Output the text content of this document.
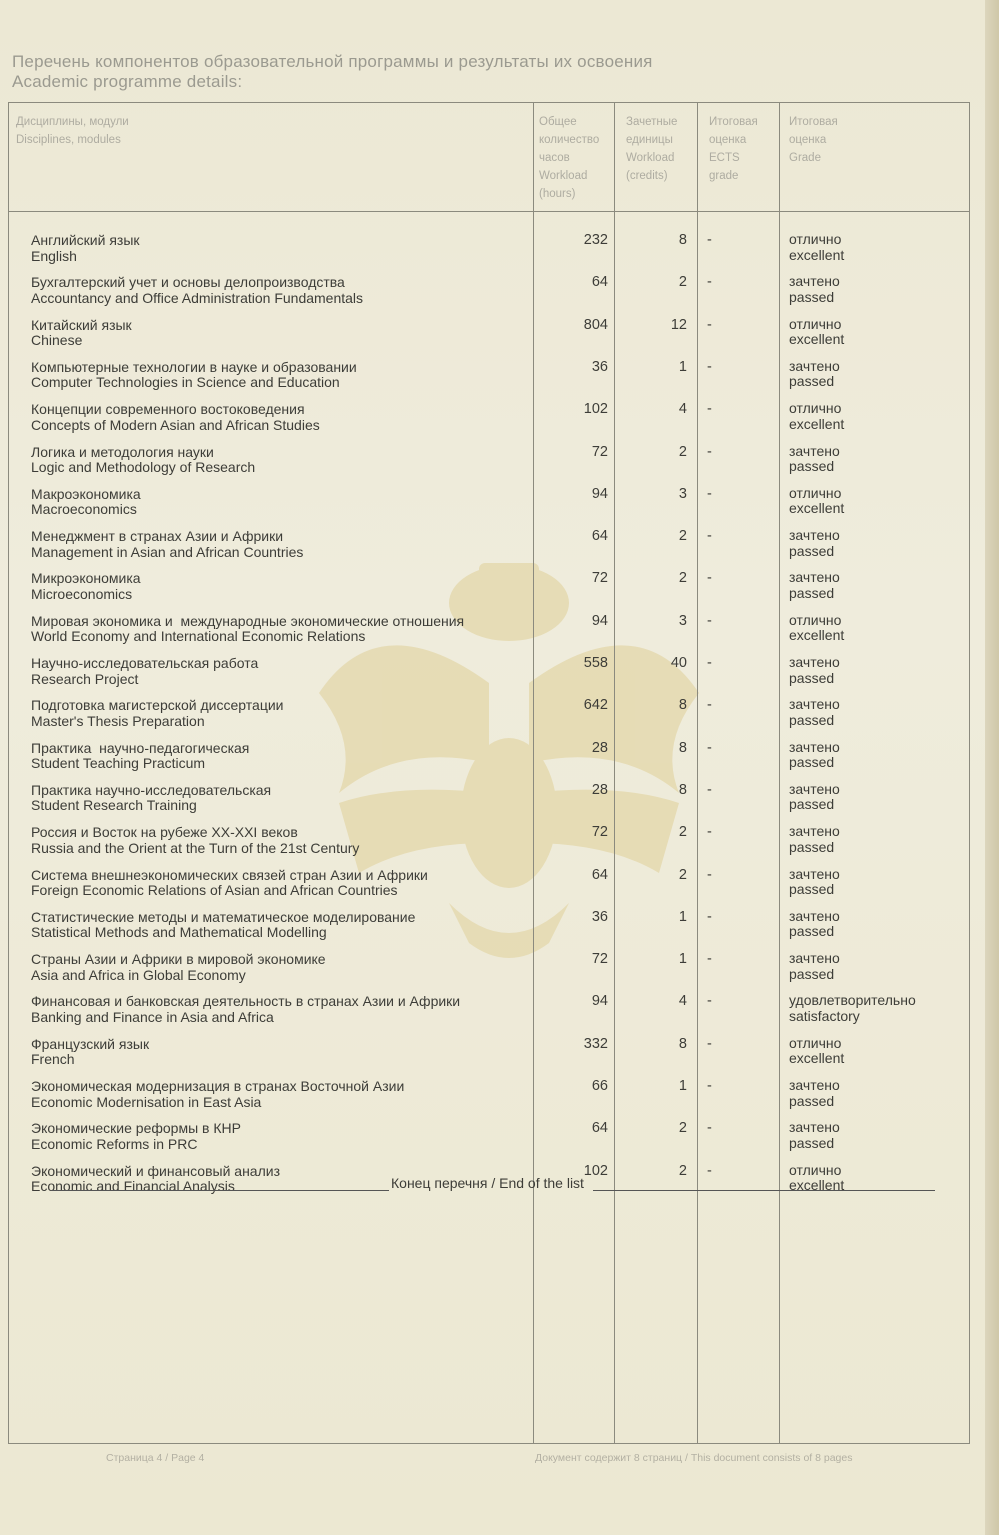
Перечень компонентов образовательной программы и результаты их освоения
Academic programme details:
Дисциплины, модули
Disciplines, modules
Общее
количество
часов
Workload
(hours)
Зачетные
единицы
Workload
(credits)
Итоговая
оценка
ECTS
grade
Итоговая
оценка
Grade
Английский язык
English
232	8 -	отлично
excellent
Бухгалтерский учет и основы делопроизводства
Accountancy and Office Administration Fundamentals
64	2 -	зачтено
passed
Китайский язык
Chinese
804	12 -	отлично
excellent
Компьютерные технологии в науке и образовании
Computer Technologies in Science and Education
36	1 -	зачтено
passed
Концепции современного востоковедения
Concepts of Modern Asian and African Studies
102	4 -	отлично
excellent
Логика и методология науки
Logic and Methodology of Research
72	2 -	зачтено
passed
Макроэкономика
Macroeconomics
94	3 -	отлично
excellent
Менеджмент в странах Азии и Африки
Management in Asian and African Countries
64	2 -	зачтено
passed
Микроэкономика
Microeconomics
72	2 -	зачтено
passed
Мировая экономика и  международные экономические отношения
World Economy and International Economic Relations
94	3 -	отлично
excellent
Научно-исследовательская работа
Research Project
558	40 -	зачтено
passed
Подготовка магистерской диссертации
Master's Thesis Preparation
642	8 -	зачтено
passed
Практика  научно-педагогическая
Student Teaching Practicum
28	8 -	зачтено
passed
Практика научно-исследовательская
Student Research Training
28	8 -	зачтено
passed
Россия и Восток на рубеже XX-XXI веков
Russia and the Orient at the Turn of the 21st Century
72	2 -	зачтено
passed
Система внешнеэкономических связей стран Азии и Африки
Foreign Economic Relations of Asian and African Countries
64	2 -	зачтено
passed
Статистические методы и математическое моделирование
Statistical Methods and Mathematical Modelling
36	1 -	зачтено
passed
Страны Азии и Африки в мировой экономике
Asia and Africa in Global Economy
72	1 -	зачтено
passed
Финансовая и банковская деятельность в странах Азии и Африки
Banking and Finance in Asia and Africa
94	4 -	удовлетворительно
satisfactory
Французский язык
French
332	8 -	отлично
excellent
Экономическая модернизация в странах Восточной Азии
Economic Modernisation in East Asia
66	1 -	зачтено
passed
Экономические реформы в КНР
Economic Reforms in PRC
64	2 -	зачтено
passed
Экономический и финансовый анализ
Economic and Financial Analysis
102	2 -	отлично
excellent
Конец перечня / End of the list
Страница 4 / Page 4	Документ содержит 8 страниц / This document consists of 8 pages
